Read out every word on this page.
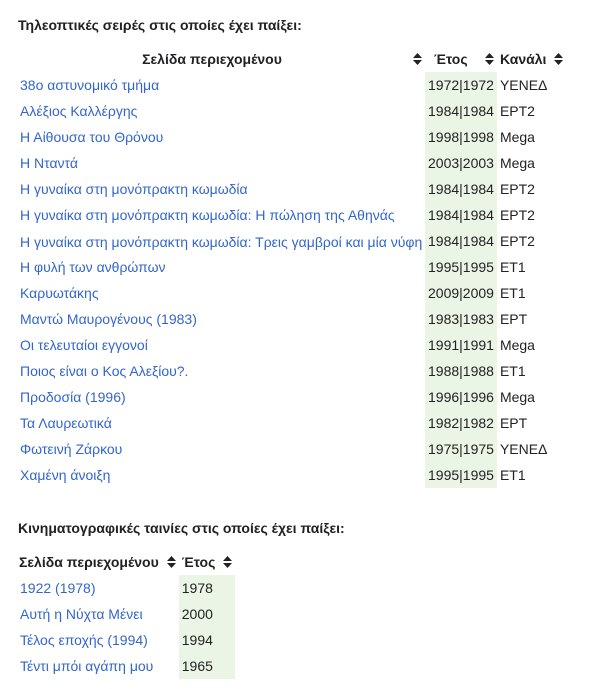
Τηλεοπτικές σειρές στις οποίες έχει παίξει:
Σελίδα περιεχομένου	Έτος	Κανάλι

38ο αστυνομικό τμήμα	1972|1972	ΥΕΝΕΔ
Αλέξιος Καλλέργης	1984|1984	ΕΡΤ2
Η Αίθουσα του Θρόνου	1998|1998	Mega
Η Νταντά	2003|2003	Mega
Η γυναίκα στη μονόπρακτη κωμωδία	1984|1984	ΕΡΤ2
Η γυναίκα στη μονόπρακτη κωμωδία: Η πώληση της Αθηνάς	1984|1984	ΕΡΤ2
Η γυναίκα στη μονόπρακτη κωμωδία: Τρεις γαμβροί και μία νύφη	1984|1984	ΕΡΤ2
Η φυλή των ανθρώπων	1995|1995	ΕΤ1
Καρυωτάκης	2009|2009	ΕΤ1
Μαντώ Μαυρογένους (1983)	1983|1983	ΕΡΤ
Οι τελευταίοι εγγονοί	1991|1991	Mega
Ποιος είναι ο Κος Αλεξίου?.	1988|1988	ΕΤ1
Προδοσία (1996)	1996|1996	Mega
Τα Λαυρεωτικά	1982|1982	ΕΡΤ
Φωτεινή Ζάρκου	1975|1975	ΥΕΝΕΔ
Χαμένη άνοιξη	1995|1995	ΕΤ1
Κινηματογραφικές ταινίες στις οποίες έχει παίξει:
Σελίδα περιεχομένου	Έτος

1922 (1978)	1978
Αυτή η Νύχτα Μένει	2000
Τέλος εποχής (1994)	1994
Τέντι μπόι αγάπη μου	1965
